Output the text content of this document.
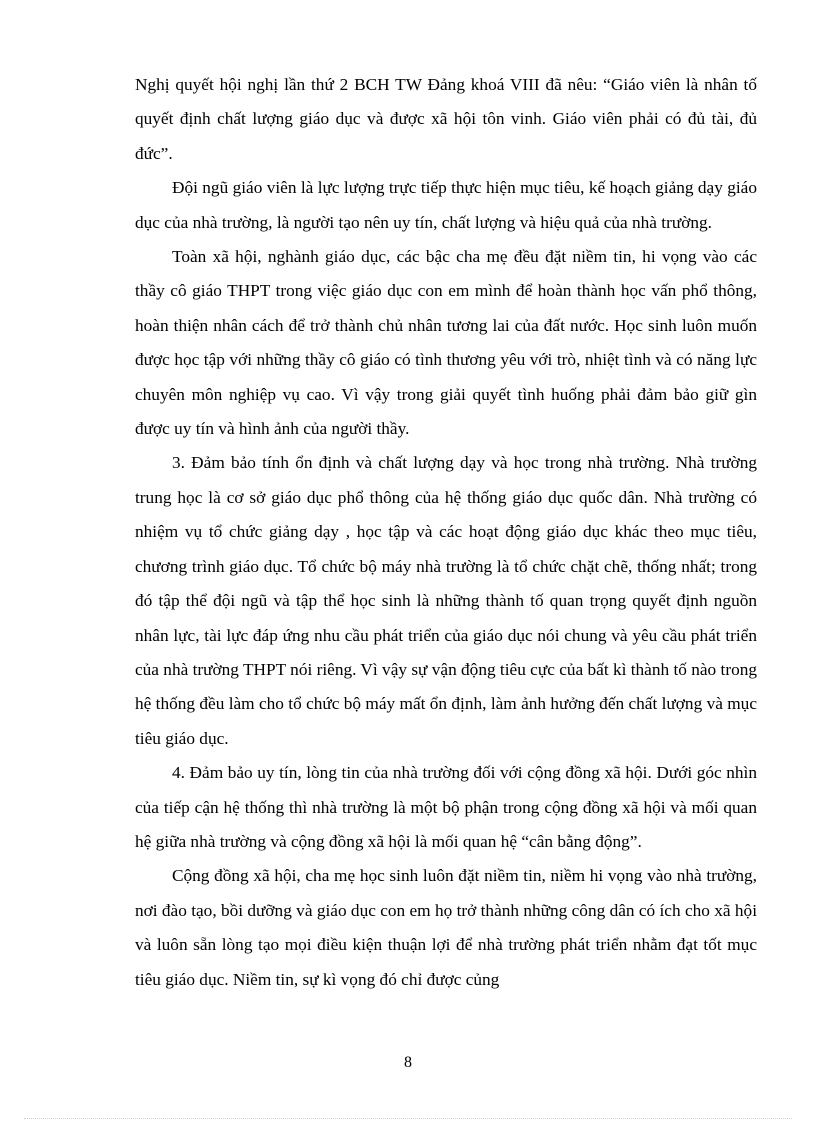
Nghị quyết hội nghị lần thứ 2 BCH TW Đảng khoá VIII đã nêu: “Giáo viên là nhân tố quyết định chất lượng giáo dục và được xã hội tôn vinh. Giáo viên phải có đủ tài, đủ đức”.

Đội ngũ giáo viên là lực lượng trực tiếp thực hiện mục tiêu, kế hoạch giảng dạy giáo dục của nhà trường, là người tạo nên uy tín, chất lượng và hiệu quả của nhà trường.

Toàn xã hội, nghành giáo dục, các bậc cha mẹ đều đặt niềm tin, hi vọng vào các thầy cô giáo THPT trong việc giáo dục con em mình để hoàn thành học vấn phổ thông, hoàn thiện nhân cách để trở thành chủ nhân tương lai của đất nước. Học sinh luôn muốn được học tập với những thầy cô giáo có tình thương yêu với trò, nhiệt tình và có năng lực chuyên môn nghiệp vụ cao. Vì vậy trong giải quyết tình huống phải đảm bảo giữ gìn được uy tín và hình ảnh của người thầy.

3. Đảm bảo tính ổn định và chất lượng dạy và học trong nhà trường. Nhà trường trung học là cơ sở giáo dục phổ thông của hệ thống giáo dục quốc dân. Nhà trường có nhiệm vụ tổ chức giảng dạy , học tập và các hoạt động giáo dục khác theo mục tiêu, chương trình giáo dục. Tổ chức bộ máy nhà trường là tổ chức chặt chẽ, thống nhất; trong đó tập thể đội ngũ và tập thể học sinh là những thành tố quan trọng quyết định nguồn nhân lực, tài lực đáp ứng nhu cầu phát triển của giáo dục nói chung và yêu cầu phát triển của nhà trường THPT nói riêng. Vì vậy sự vận động tiêu cực của bất kì thành tố nào trong hệ thống đều làm cho tổ chức bộ máy mất ổn định, làm ảnh hưởng đến chất lượng và mục tiêu giáo dục.

4. Đảm bảo uy tín, lòng tin của nhà trường đối với cộng đồng xã hội. Dưới góc nhìn của tiếp cận hệ thống thì nhà trường là một bộ phận trong cộng đồng xã hội và mối quan hệ giữa nhà trường và cộng đồng xã hội là mối quan hệ “cân bằng động”.

Cộng đồng xã hội, cha mẹ học sinh luôn đặt niềm tin, niềm hi vọng vào nhà trường, nơi đào tạo, bồi dưỡng và giáo dục con em họ trở thành những công dân có ích cho xã hội và luôn sẵn lòng tạo mọi điều kiện thuận lợi để nhà trường phát triển nhằm đạt tốt mục tiêu giáo dục. Niềm tin, sự kì vọng đó chỉ được củng

8
